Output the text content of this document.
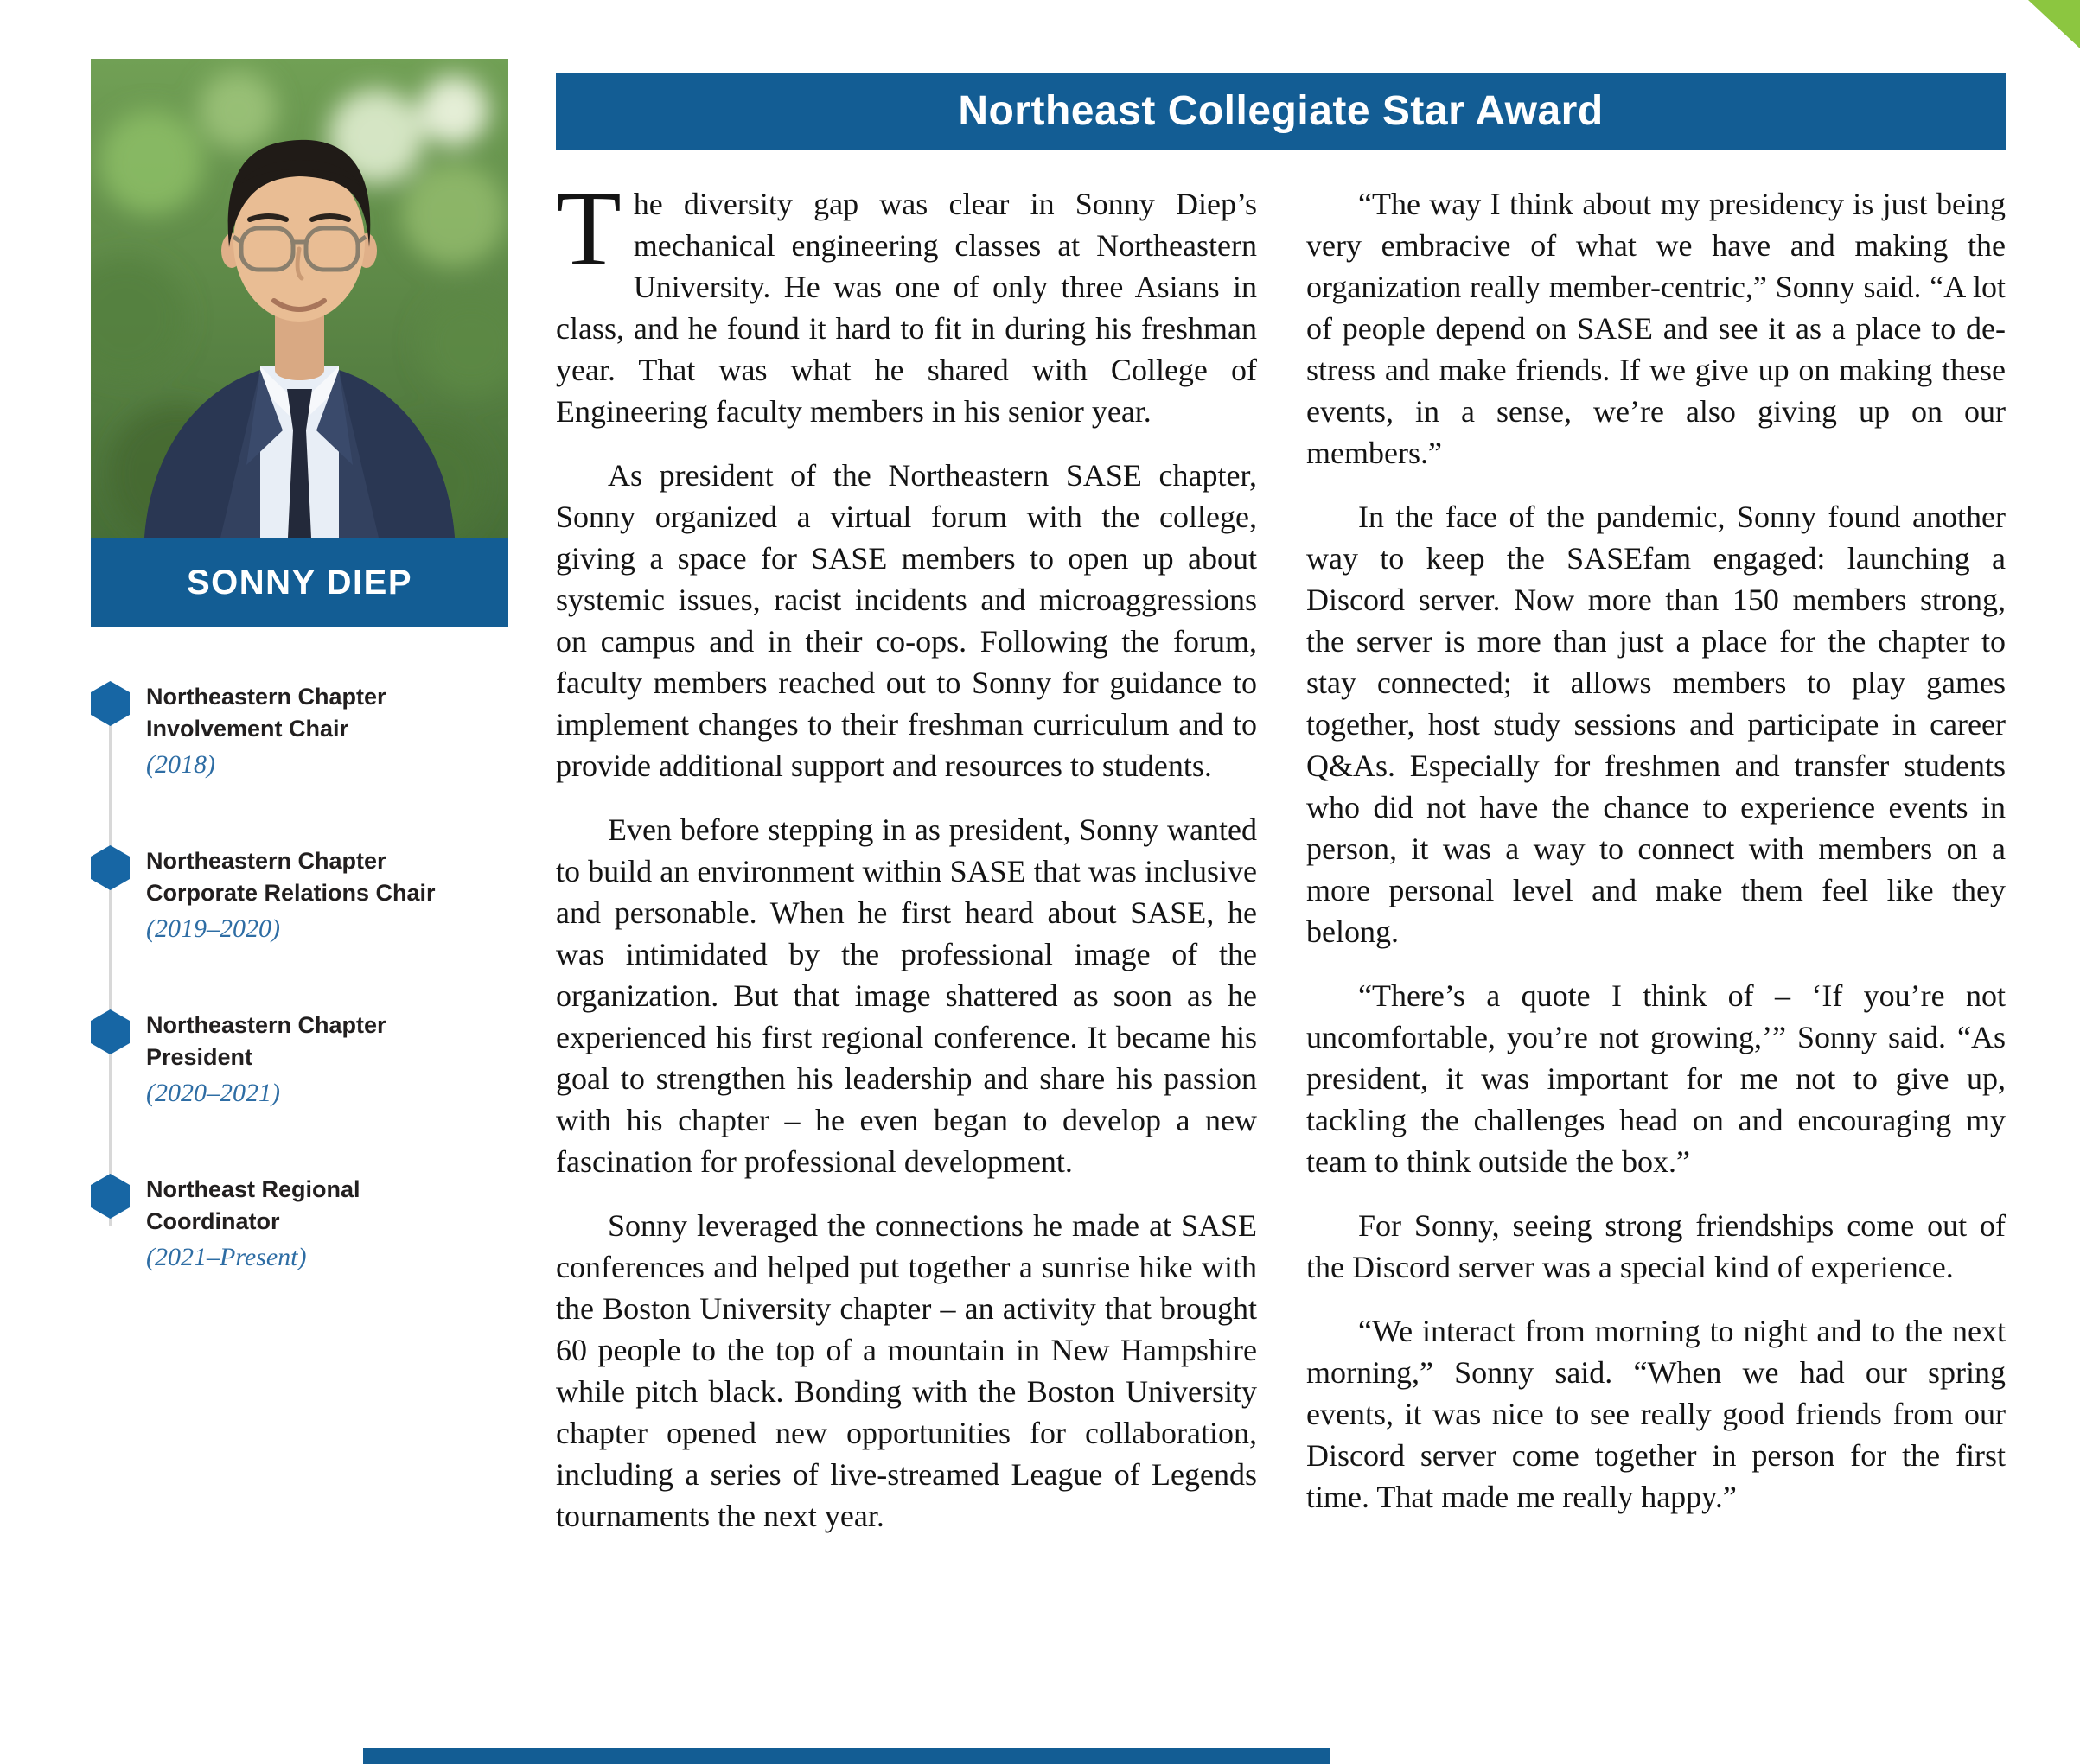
SONNY DIEP
Northeastern Chapter
Involvement Chair
(2018)
Northeastern Chapter
Corporate Relations Chair
(2019–2020)
Northeastern Chapter
President
(2020–2021)
Northeast Regional
Coordinator
(2021–Present)
Northeast Collegiate Star Award

The diversity gap was clear in Sonny Diep’s mechanical engineering classes at Northeastern University. He was one of only three Asians in class, and he found it hard to fit in during his freshman year. That was what he shared with College of Engineering faculty members in his senior year.

As president of the Northeastern SASE chapter, Sonny organized a virtual forum with the college, giving a space for SASE members to open up about systemic issues, racist incidents and microaggressions on campus and in their co-ops. Following the forum, faculty members reached out to Sonny for guidance to implement changes to their freshman curriculum and to provide additional support and resources to students.

Even before stepping in as president, Sonny wanted to build an environment within SASE that was inclusive and personable. When he first heard about SASE, he was intimidated by the professional image of the organization. But that image shattered as soon as he experienced his first regional conference. It became his goal to strengthen his leadership and share his passion with his chapter – he even began to develop a new fascination for professional development.

Sonny leveraged the connections he made at SASE conferences and helped put together a sunrise hike with the Boston University chapter – an activity that brought 60 people to the top of a mountain in New Hampshire while pitch black. Bonding with the Boston University chapter opened new opportunities for collaboration, including a series of live-streamed League of Legends tournaments the next year.

“The way I think about my presidency is just being very embracive of what we have and making the organization really member-centric,” Sonny said. “A lot of people depend on SASE and see it as a place to de-stress and make friends. If we give up on making these events, in a sense, we’re also giving up on our members.”

In the face of the pandemic, Sonny found another way to keep the SASEfam engaged: launching a Discord server. Now more than 150 members strong, the server is more than just a place for the chapter to stay connected; it allows members to play games together, host study sessions and participate in career Q&As. Especially for freshmen and transfer students who did not have the chance to experience events in person, it was a way to connect with members on a more personal level and make them feel like they belong.

“There’s a quote I think of – ‘If you’re not uncomfortable, you’re not growing,’” Sonny said. “As president, it was important for me not to give up, tackling the challenges head on and encouraging my team to think outside the box.”

For Sonny, seeing strong friendships come out of the Discord server was a special kind of experience.

“We interact from morning to night and to the next morning,” Sonny said. “When we had our spring events, it was nice to see really good friends from our Discord server come together in person for the first time. That made me really happy.”
